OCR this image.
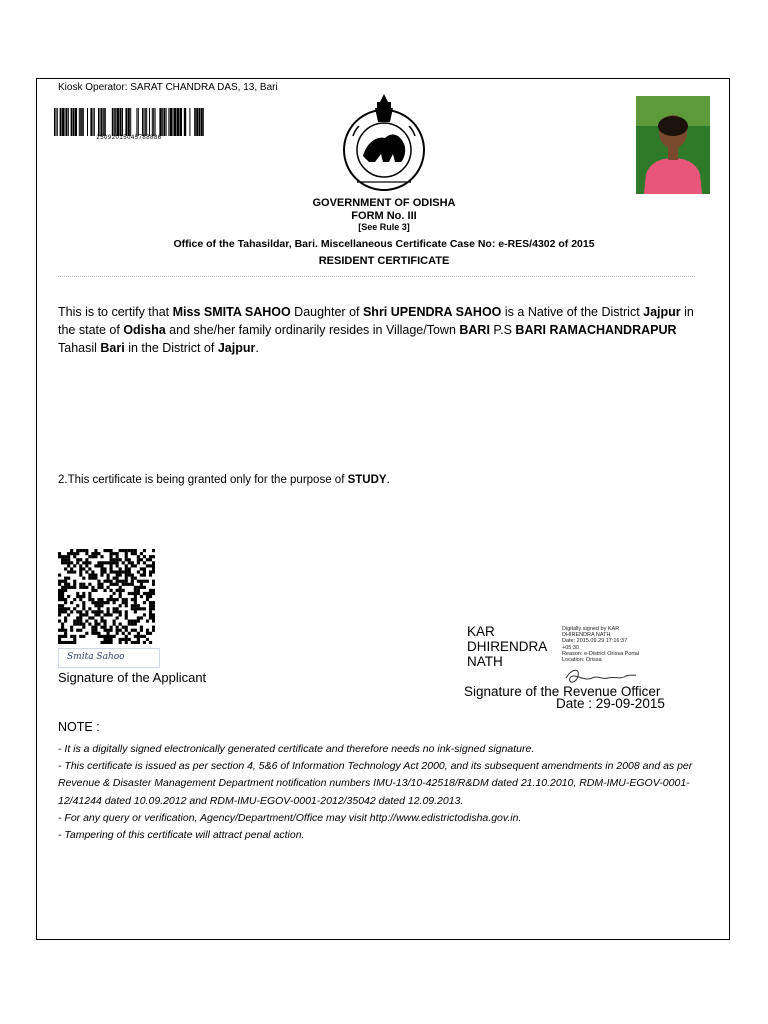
Kiosk Operator: SARAT CHANDRA DAS, 13, Bari
25092015045788886
GOVERNMENT OF ODISHA
FORM No. III
[See Rule 3]
Office of the Tahasildar, Bari. Miscellaneous Certificate Case No: e-RES/4302 of 2015
RESIDENT CERTIFICATE
This is to certify that Miss SMITA SAHOO Daughter of Shri UPENDRA SAHOO is a Native of the District Jajpur in the state of Odisha and she/her family ordinarily resides in Village/Town BARI P.S BARI RAMACHANDRAPUR Tahasil Bari in the District of Jajpur.
2.This certificate is being granted only for the purpose of STUDY.
Smita Sahoo
Signature of the Applicant
KAR
DHIRENDRA
NATH
Digitally signed by KAR
DHIRENDRA NATH
Date: 2015.09.29 17:16:37
+05:30
Reason: e-District Orissa Portal
Location: Orissa
Signature of the Revenue Officer
Date : 29-09-2015
NOTE :
- It is a digitally signed electronically generated certificate and therefore needs no ink-signed signature.
- This certificate is issued as per section 4, 5&6 of Information Technology Act 2000, and its subsequent amendments in 2008 and as per Revenue & Disaster Management Department notification numbers IMU-13/10-42518/R&DM dated 21.10.2010, RDM-IMU-EGOV-0001-12/41244 dated 10.09.2012 and RDM-IMU-EGOV-0001-2012/35042 dated 12.09.2013.
- For any query or verification, Agency/Department/Office may visit http://www.edistrictodisha.gov.in.
- Tampering of this certificate will attract penal action.
